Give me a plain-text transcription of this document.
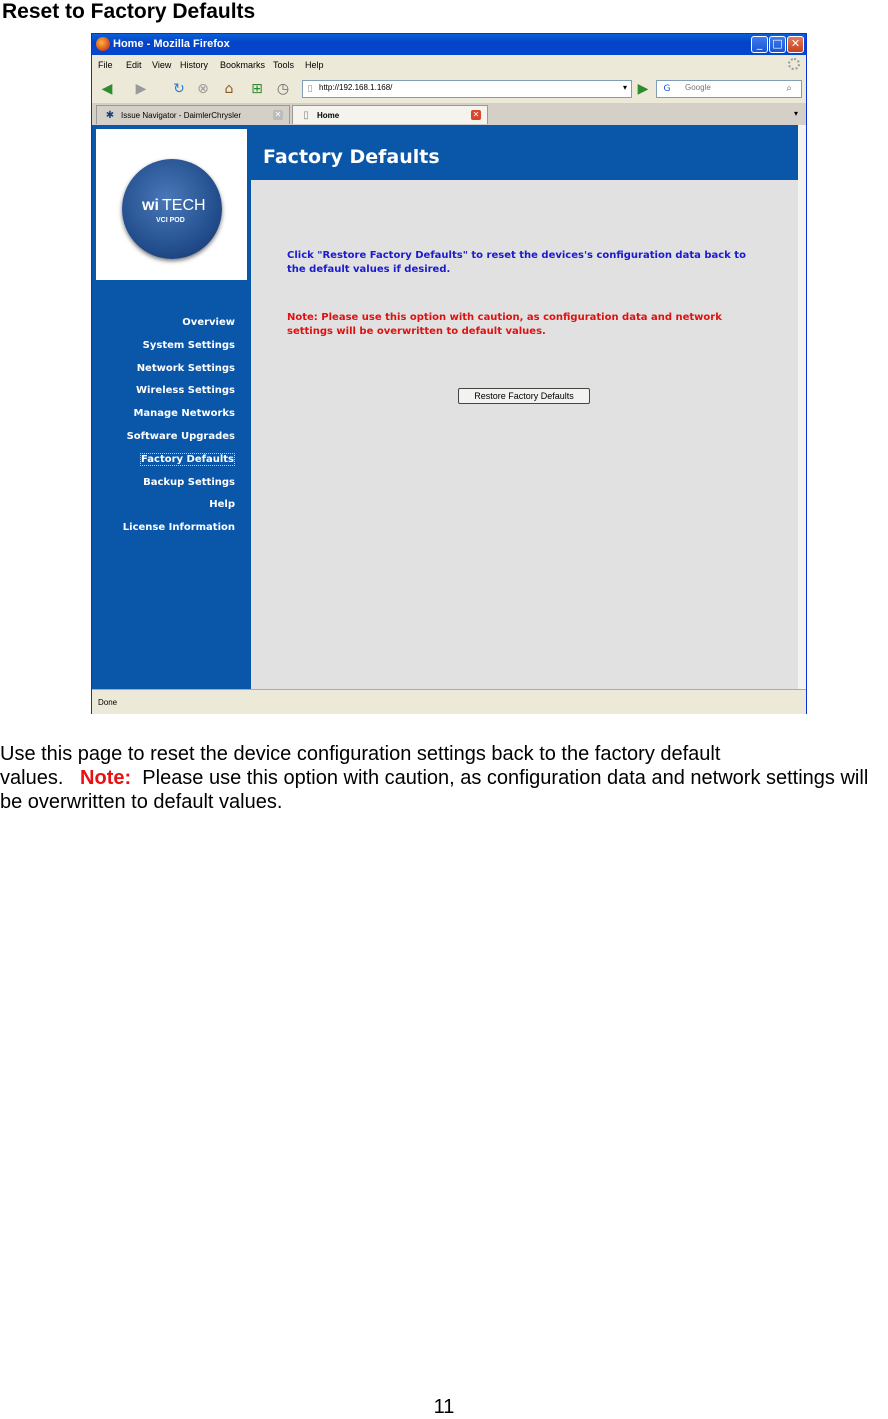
Reset to Factory Defaults
Home - Mozilla Firefox	_ □ ✕
File Edit View History Bookmarks Tools Help
◀ ▶ ↻ ⊗	⌂	⊞ ◷	▯
http://192.168.1.168/	▾ ▶	G
Google	⌕
✱ Issue Navigator - DaimlerChrysler	✕	▯	Home	✕	▾
wi TECH
VCI POD
Overview
System Settings
Network Settings
Wireless Settings
Manage Networks
Software Upgrades
Factory Defaults
Backup Settings
Help
License Information
Factory Defaults

Click "Restore Factory Defaults" to reset the devices's configuration data back to the default values if desired.

Note: Please use this option with caution, as configuration data and network settings will be overwritten to default values.

Restore Factory Defaults
Done

Use this page to reset the device configuration settings back to the factory default values. Note: Please use this option with caution, as configuration data and network settings will be overwritten to default values.

11
